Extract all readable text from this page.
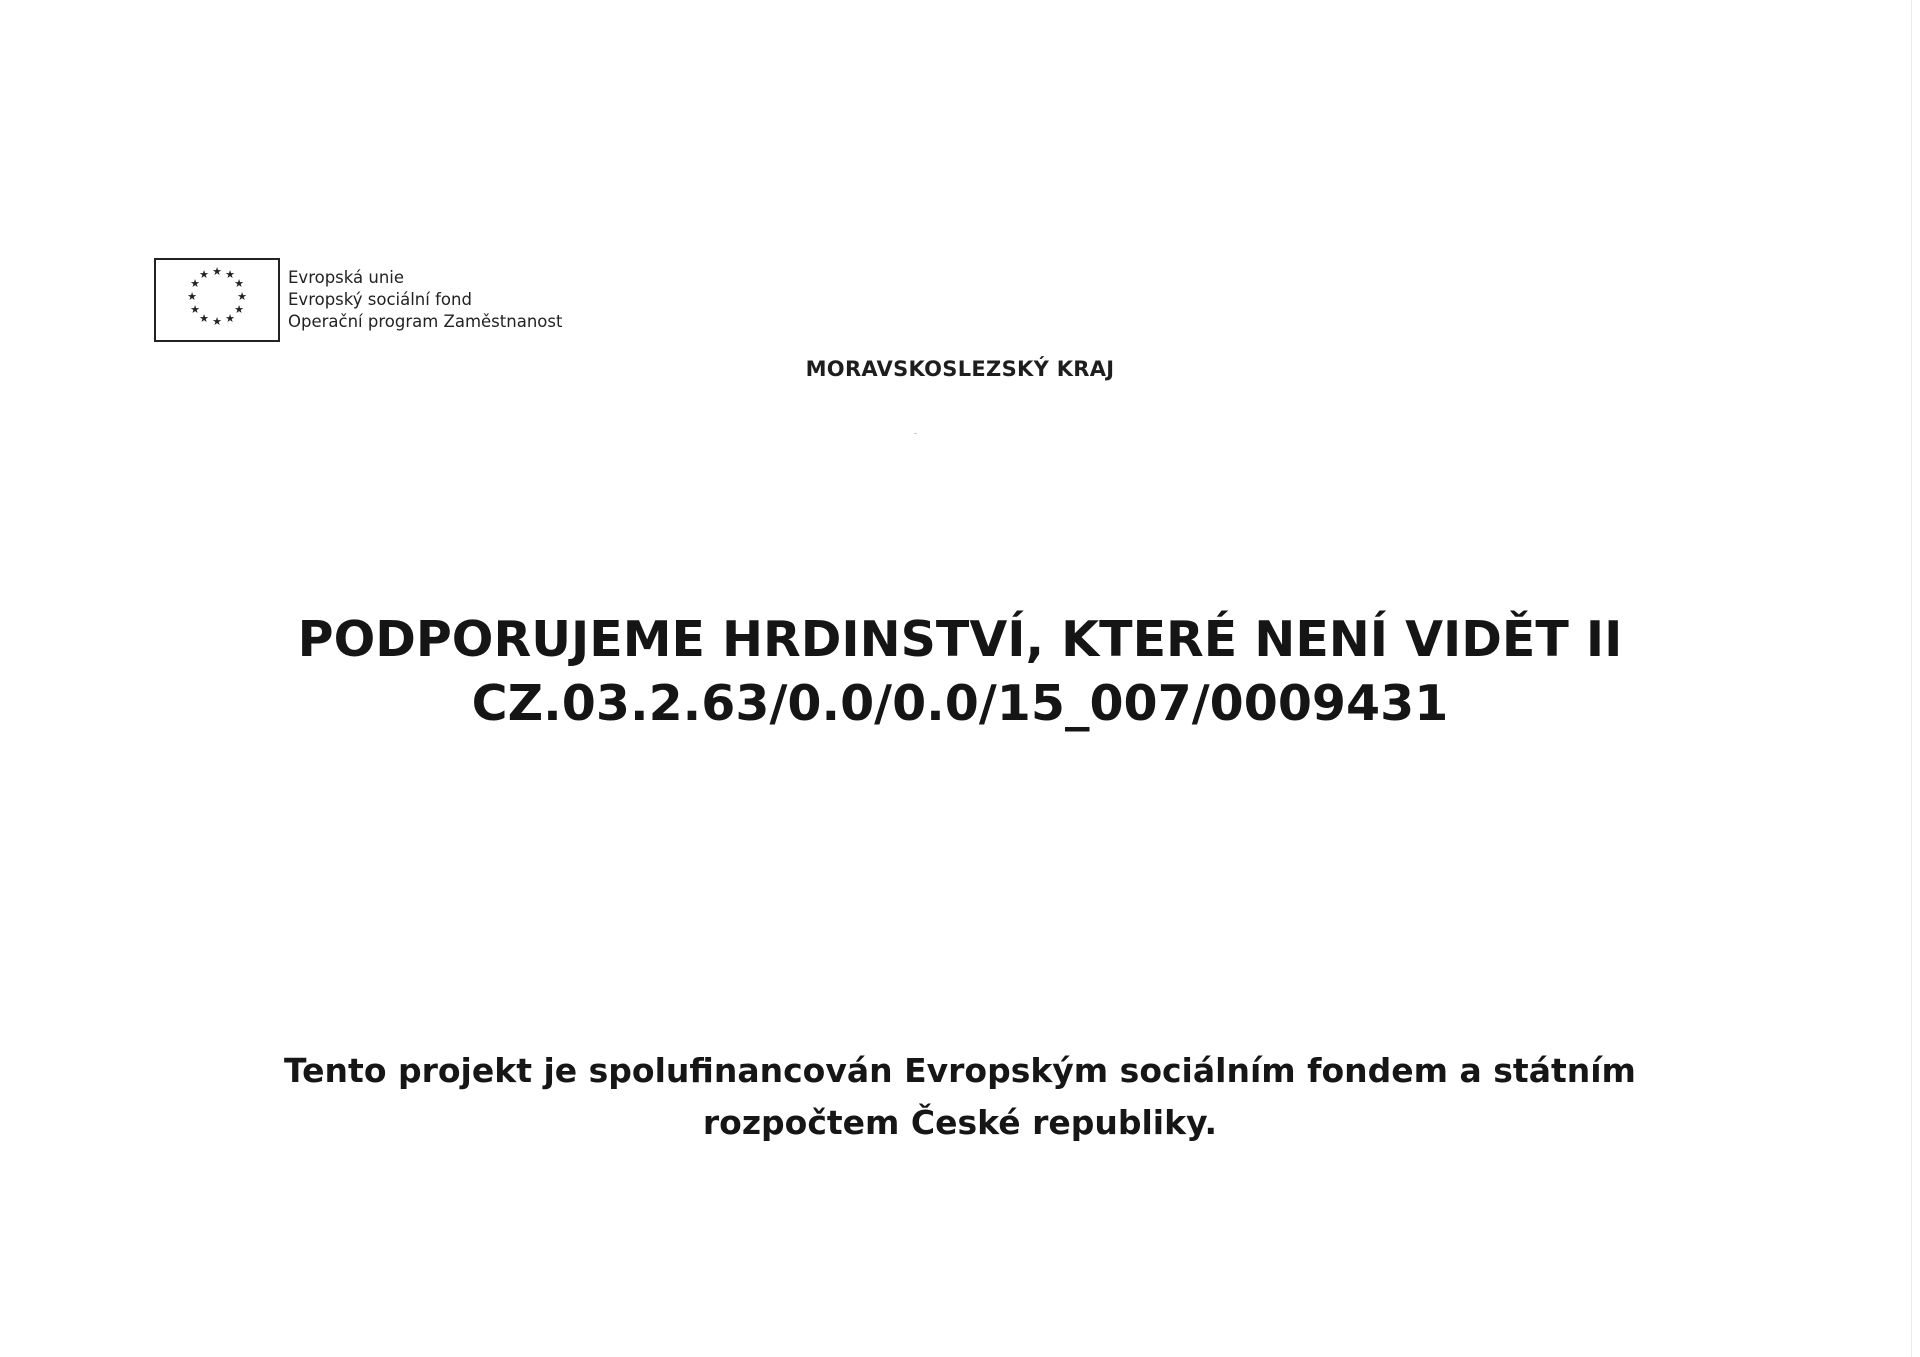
★ ★
★
★
★
★
★
★
★
★
★
★	Evropská unie
Evropský sociální fond
Operační program Zaměstnanost
MORAVSKOSLEZSKÝ KRAJ
PODPORUJEME HRDINSTVÍ, KTERÉ NENÍ VIDĚT II
CZ.03.2.63/0.0/0.0/15_007/0009431
Tento projekt je spolufinancován Evropským sociálním fondem a státním
rozpočtem České republiky.
